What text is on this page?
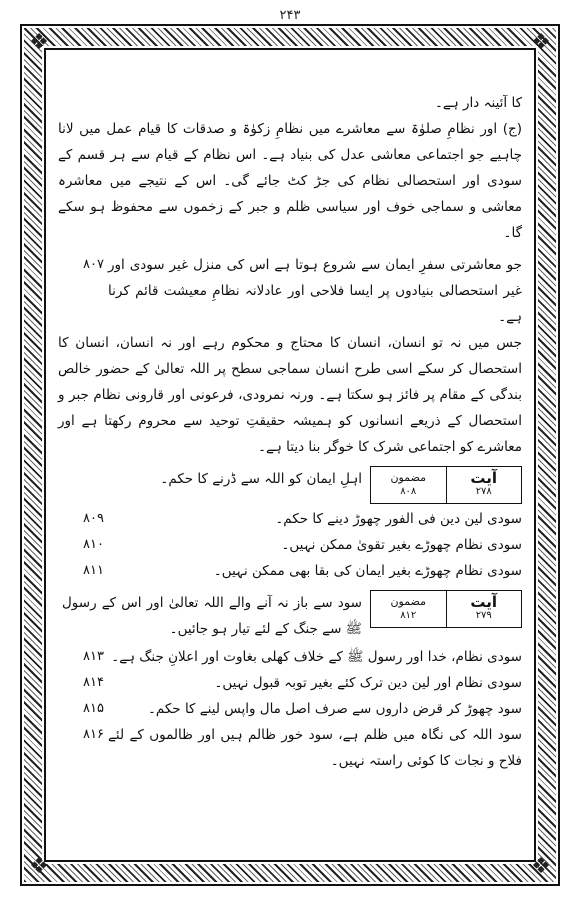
۲۴۳
❖	❖
❖	❖

کا آئینہ دار ہے۔

(ج) اور نظامِ صلوٰۃ سے معاشرے میں نظامِ زکوٰۃ و صدقات کا قیام عمل میں لانا چاہیے جو اجتماعی معاشی عدل کی بنیاد ہے۔ اس نظام کے قیام سے ہر قسم کے سودی اور استحصالی نظام کی جڑ کٹ جائے گی۔ اس کے نتیجے میں معاشرہ معاشی و سماجی خوف اور سیاسی ظلم و جبر کے زخموں سے محفوظ ہو سکے گا۔

جو معاشرتی سفرِ ایمان سے شروع ہوتا ہے اس کی منزل غیر سودی اور غیر استحصالی بنیادوں پر ایسا فلاحی اور عادلانہ نظامِ معیشت قائم کرنا ہے۔
۸۰۷

جس میں نہ تو انسان، انسان کا محتاج و محکوم رہے اور نہ انسان، انسان کا استحصال کر سکے اسی طرح انسان سماجی سطح پر اللہ تعالیٰ کے حضور خالص بندگی کے مقام پر فائز ہو سکتا ہے۔ ورنہ نمرودی، فرعونی اور قارونی نظام جبر و استحصال کے ذریعے انسانوں کو ہمیشہ حقیقتِ توحید سے محروم رکھتا ہے اور معاشرے کو اجتماعی شرک کا خوگر بنا دیتا ہے۔

آیت
۲۷۸
مضمون
۸۰۸
اہلِ ایمان کو اللہ سے ڈرنے کا حکم۔
سودی لین دین فی الفور چھوڑ دینے کا حکم۔
۸۰۹
سودی نظام چھوڑے بغیر تقویٰ ممکن نہیں۔
۸۱۰
سودی نظام چھوڑے بغیر ایمان کی بقا بھی ممکن نہیں۔
۸۱۱
آیت
۲۷۹
مضمون
۸۱۲
سود سے باز نہ آنے والے اللہ تعالیٰ اور اس کے رسول ﷺ سے جنگ کے لئے تیار ہو جائیں۔
سودی نظام، خدا اور رسول ﷺ کے خلاف کھلی بغاوت اور اعلانِ جنگ ہے۔
۸۱۳
سودی نظام اور لین دین ترک کئے بغیر توبہ قبول نہیں۔
۸۱۴
سود چھوڑ کر قرض داروں سے صرف اصل مال واپس لینے کا حکم۔
۸۱۵
سود اللہ کی نگاہ میں ظلم ہے، سود خور ظالم ہیں اور ظالموں کے لئے فلاح و نجات کا کوئی راستہ نہیں۔
۸۱۶
